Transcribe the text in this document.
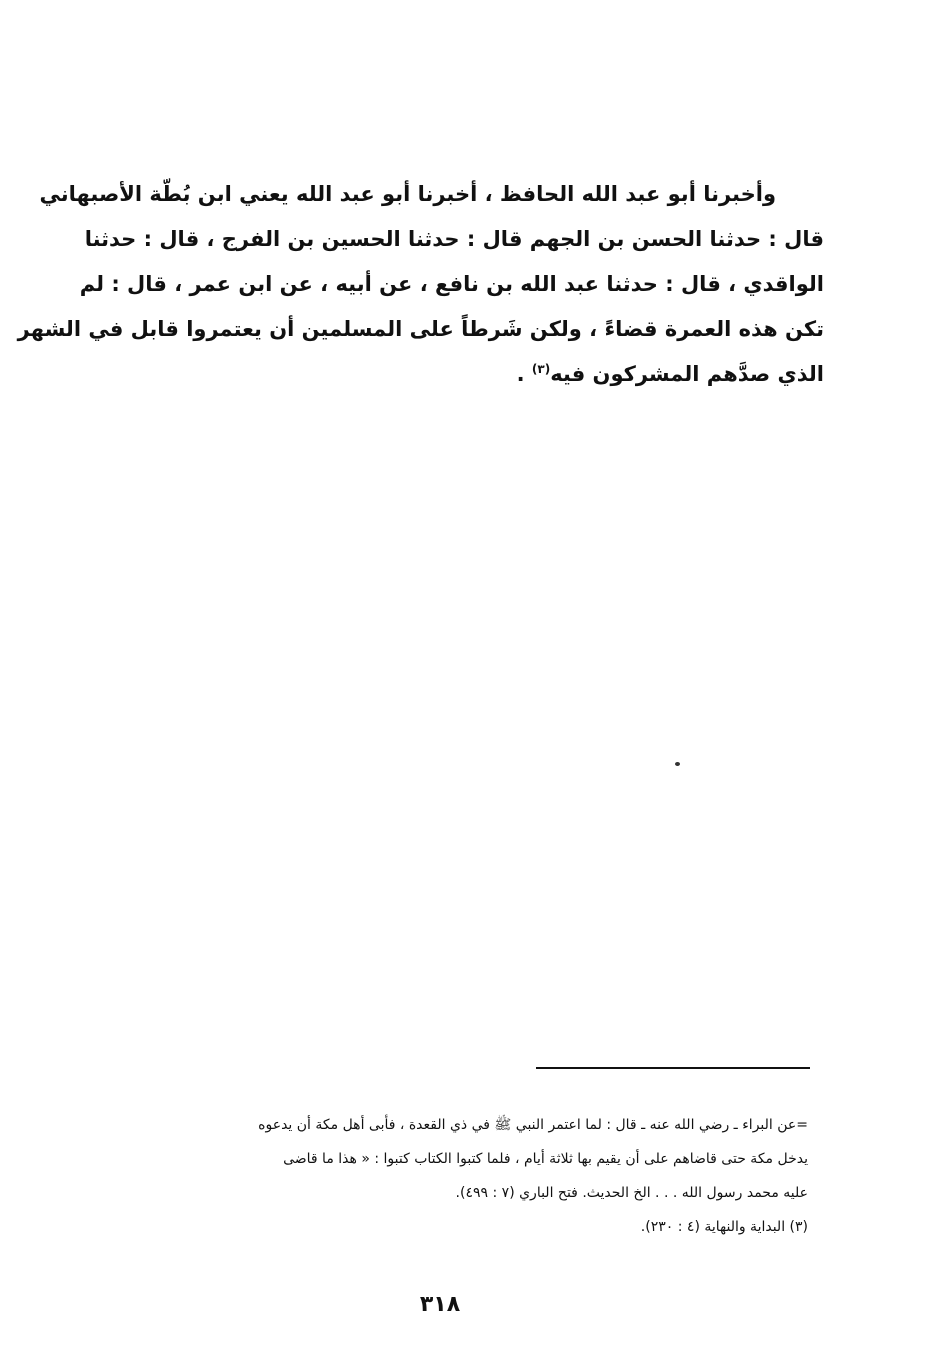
وأخبرنا أبو عبد الله الحافظ ، أخبرنا أبو عبد الله يعني ابن بُطّة الأصبهاني
قال : حدثنا الحسن بن الجهم قال : حدثنا الحسين بن الفرج ، قال : حدثنا
الواقدي ، قال : حدثنا عبد الله بن نافع ، عن أبيه ، عن ابن عمر ، قال : لم
تكن هذه العمرة قضاءً ، ولكن شَرطاً على المسلمين أن يعتمروا قابل في الشهر
الذي صدَّهم المشركون فيه$^{(٣)}$ .
=عن البراء ـ رضي الله عنه ـ قال : لما اعتمر النبي ﷺ في ذي القعدة ، فأبى أهل مكة أن يدعوه
يدخل مكة حتى قاضاهم على أن يقيم بها ثلاثة أيام ، فلما كتبوا الكتاب كتبوا : « هذا ما قاضى
عليه محمد رسول الله . . . الخ الحديث. فتح الباري (٧ : ٤٩٩).
(٣) البداية والنهاية (٤ : ٢٣٠).
٣١٨
